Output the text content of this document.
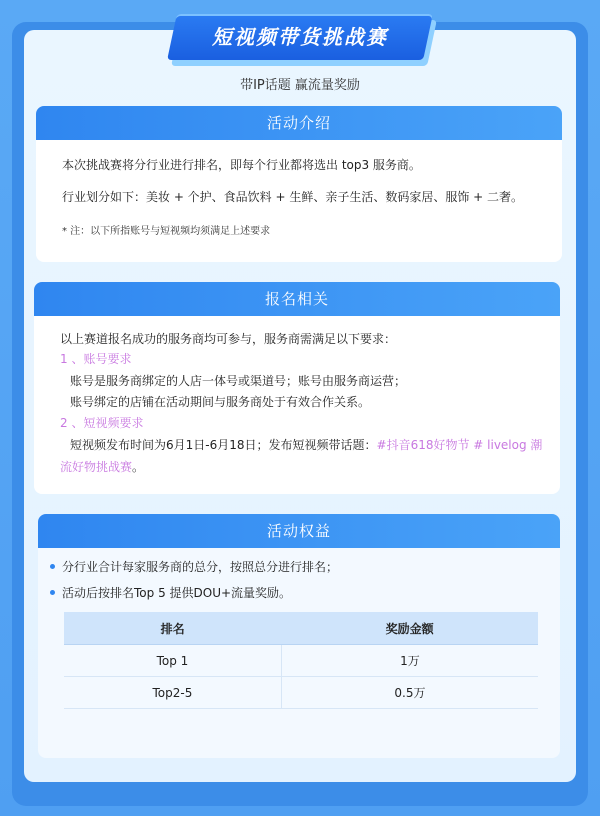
短视频带货挑战赛
带IP话题 赢流量奖励
活动介绍
本次挑战赛将分行业进行排名，即每个行业都将选出 top3 服务商。
行业划分如下：美妆 + 个护、食品饮料 + 生鲜、亲子生活、数码家居、服饰 + 二奢。
* 注：以下所指账号与短视频均须满足上述要求
报名相关
以上赛道报名成功的服务商均可参与，服务商需满足以下要求：
1 、账号要求
账号是服务商绑定的人店一体号或渠道号；账号由服务商运营；
账号绑定的店铺在活动期间与服务商处于有效合作关系。
2 、短视频要求
短视频发布时间为6月1日-6月18日；发布短视频带话题：#抖音618好物节 # livelog 潮
流好物挑战赛。
活动权益
分行业合计每家服务商的总分，按照总分进行排名；
活动后按排名Top 5 提供DOU+流量奖励。
排名	奖励金额
Top 1	1万
Top2-5	0.5万
